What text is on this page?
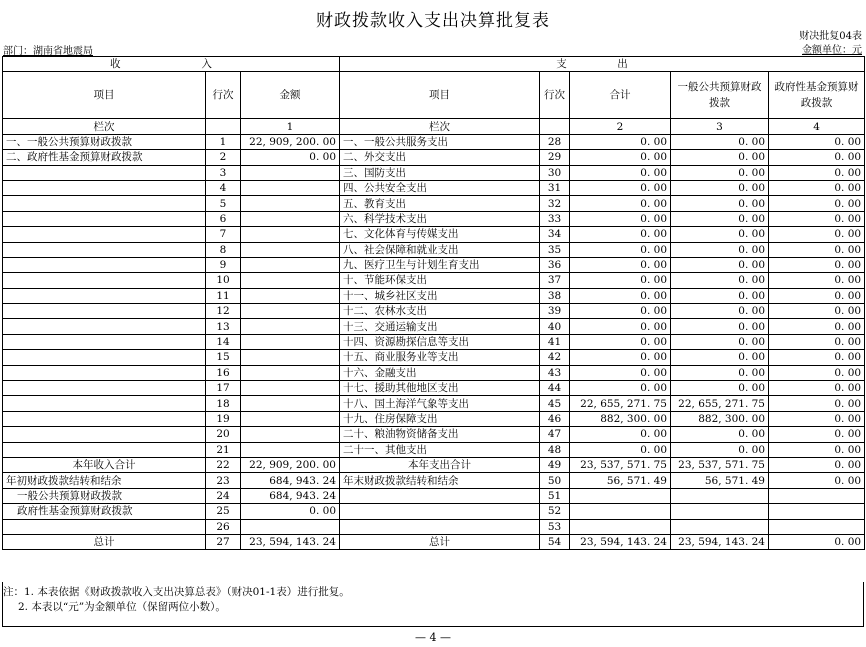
财政拨款收入支出决算批复表
财决批复04表
部门：湖南省地震局	金额单位：元
收　　入			支　出				
项目	行次	金额	项目	行次	合计	一般公共预算财政拨款	政府性基金预算财政拨款
栏次		1	栏次		2	3	4
一、一般公共预算财政拨款	1	22, 909, 200. 00	一、一般公共服务支出	28	0. 00	0. 00	0. 00
二、政府性基金预算财政拨款	2	0. 00	二、外交支出	29	0. 00	0. 00	0. 00
	3		三、国防支出	30	0. 00	0. 00	0. 00
	4		四、公共安全支出	31	0. 00	0. 00	0. 00
	5		五、教育支出	32	0. 00	0. 00	0. 00
	6		六、科学技术支出	33	0. 00	0. 00	0. 00
	7		七、文化体育与传媒支出	34	0. 00	0. 00	0. 00
	8		八、社会保障和就业支出	35	0. 00	0. 00	0. 00
	9		九、医疗卫生与计划生育支出	36	0. 00	0. 00	0. 00
	10		十、节能环保支出	37	0. 00	0. 00	0. 00
	11		十一、城乡社区支出	38	0. 00	0. 00	0. 00
	12		十二、农林水支出	39	0. 00	0. 00	0. 00
	13		十三、交通运输支出	40	0. 00	0. 00	0. 00
	14		十四、资源勘探信息等支出	41	0. 00	0. 00	0. 00
	15		十五、商业服务业等支出	42	0. 00	0. 00	0. 00
	16		十六、金融支出	43	0. 00	0. 00	0. 00
	17		十七、援助其他地区支出	44	0. 00	0. 00	0. 00
	18		十八、国土海洋气象等支出	45	22, 655, 271. 75	22, 655, 271. 75	0. 00
	19		十九、住房保障支出	46	882, 300. 00	882, 300. 00	0. 00
	20		二十、粮油物资储备支出	47	0. 00	0. 00	0. 00
	21		二十一、其他支出	48	0. 00	0. 00	0. 00
本年收入合计	22	22, 909, 200. 00	本年支出合计	49	23, 537, 571. 75	23, 537, 571. 75	0. 00
年初财政拨款结转和结余	23	684, 943. 24	年末财政拨款结转和结余	50	56, 571. 49	56, 571. 49	0. 00
一般公共预算财政拨款	24	684, 943. 24		51			
政府性基金预算财政拨款	25	0. 00		52			
	26			53			
总计	27	23, 594, 143. 24	总计	54	23, 594, 143. 24	23, 594, 143. 24	0. 00
注：1. 本表依据《财政拨款收入支出决算总表》（财决01-1表）进行批复。
2. 本表以“元”为金额单位（保留两位小数）。
— 4 —
